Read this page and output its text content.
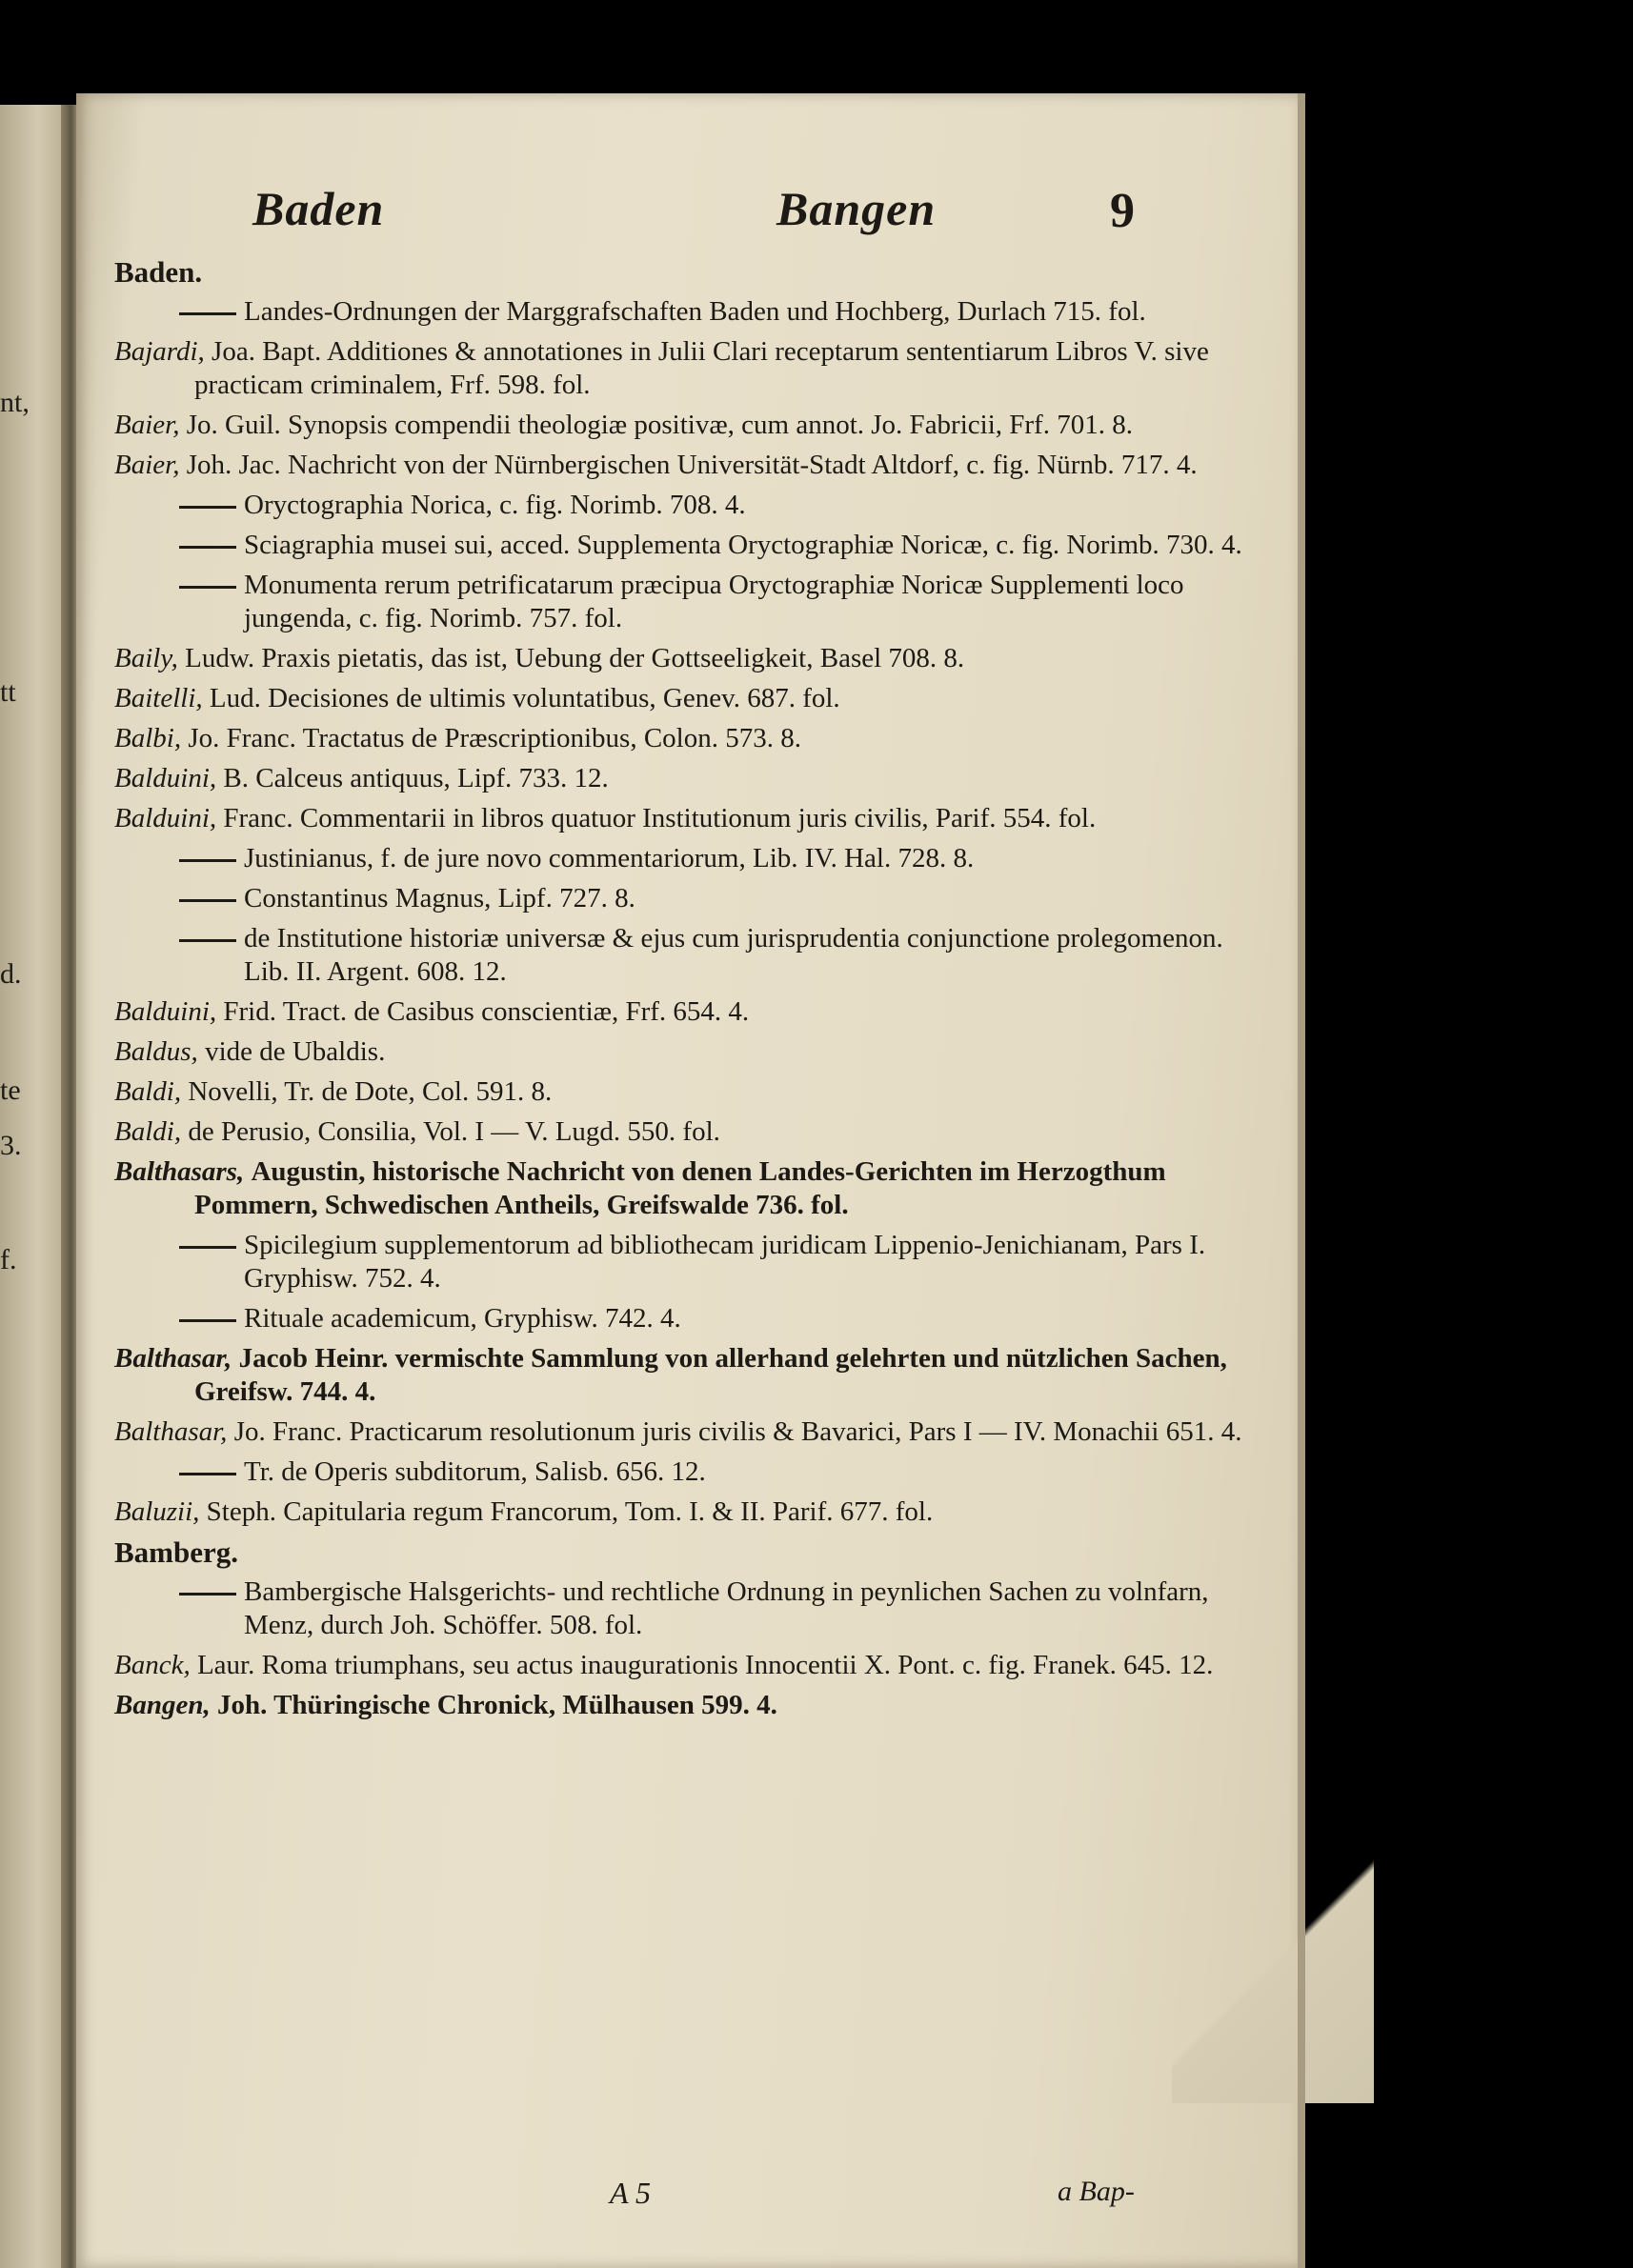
nt,
tt
d.
te
3.
f.
Baden	Bangen	9
Baden.
Landes-Ordnungen der Marggrafschaften Baden und Hochberg, Durlach 715. fol.
Bajardi, Joa. Bapt. Additiones & annotationes in Julii Clari receptarum sententiarum Libros V. sive practicam criminalem, Frf. 598. fol.
Baier, Jo. Guil. Synopsis compendii theologiæ positivæ, cum annot. Jo. Fabricii, Frf. 701. 8.
Baier, Joh. Jac. Nachricht von der Nürnbergischen Universität-Stadt Altdorf, c. fig. Nürnb. 717. 4.
Oryctographia Norica, c. fig. Norimb. 708. 4.
Sciagraphia musei sui, acced. Supplementa Oryctographiæ Noricæ, c. fig. Norimb. 730. 4.
Monumenta rerum petrificatarum præcipua Oryctographiæ Noricæ Supplementi loco jungenda, c. fig. Norimb. 757. fol.
Baily, Ludw. Praxis pietatis, das ist, Uebung der Gottseeligkeit, Basel 708. 8.
Baitelli, Lud. Decisiones de ultimis voluntatibus, Genev. 687. fol.
Balbi, Jo. Franc. Tractatus de Præscriptionibus, Colon. 573. 8.
Balduini, B. Calceus antiquus, Lipf. 733. 12.
Balduini, Franc. Commentarii in libros quatuor Institutionum juris civilis, Parif. 554. fol.
Justinianus, f. de jure novo commentariorum, Lib. IV. Hal. 728. 8.
Constantinus Magnus, Lipf. 727. 8.
de Institutione historiæ universæ & ejus cum jurisprudentia conjunctione prolegomenon. Lib. II. Argent. 608. 12.
Balduini, Frid. Tract. de Casibus conscientiæ, Frf. 654. 4.
Baldus, vide de Ubaldis.
Baldi, Novelli, Tr. de Dote, Col. 591. 8.
Baldi, de Perusio, Consilia, Vol. I — V. Lugd. 550. fol.
Balthasars, Augustin, historische Nachricht von denen Landes-Gerichten im Herzogthum Pommern, Schwedischen Antheils, Greifswalde 736. fol.
Spicilegium supplementorum ad bibliothecam juridicam Lippenio-Jenichianam, Pars I. Gryphisw. 752. 4.
Rituale academicum, Gryphisw. 742. 4.
Balthasar, Jacob Heinr. vermischte Sammlung von allerhand gelehrten und nützlichen Sachen, Greifsw. 744. 4.
Balthasar, Jo. Franc. Practicarum resolutionum juris civilis & Bavarici, Pars I — IV. Monachii 651. 4.
Tr. de Operis subditorum, Salisb. 656. 12.
Baluzii, Steph. Capitularia regum Francorum, Tom. I. & II. Parif. 677. fol.
Bamberg.
Bambergische Halsgerichts- und rechtliche Ordnung in peynlichen Sachen zu volnfarn, Menz, durch Joh. Schöffer. 508. fol.
Banck, Laur. Roma triumphans, seu actus inaugurationis Innocentii X. Pont. c. fig. Franek. 645. 12.
Bangen, Joh. Thüringische Chronick, Mülhausen 599. 4.
A 5	a Bap-
